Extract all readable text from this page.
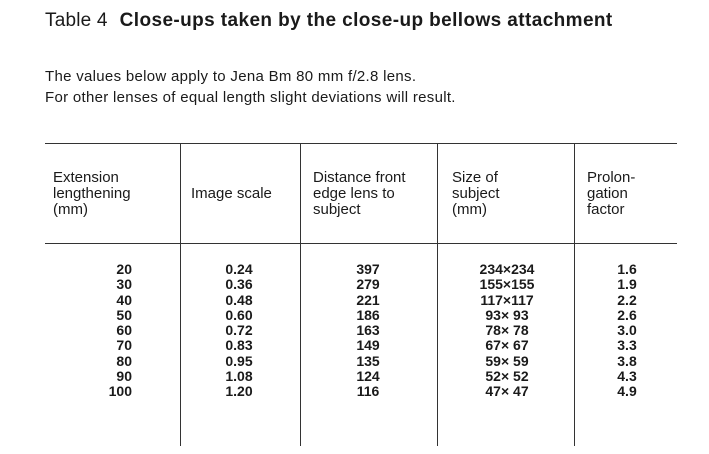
Table 4 Close-ups taken by the close-up bellows attachment
The values below apply to Jena Bm 80 mm f/2.8 lens.
For other lenses of equal length slight deviations will result.
Extension
lengthening
(mm)
Image scale
Distance front
edge lens to
subject
Size of
subject
(mm)
Prolon-
gation
factor
20
30
40
50
60
70
80
90
100
0.24
0.36
0.48
0.60
0.72
0.83
0.95
1.08
1.20
397
279
221
186
163
149
135
124
116
234×234
155×155
117×117
93× 93
78× 78
67× 67
59× 59
52× 52
47× 47
1.6
1.9
2.2
2.6
3.0
3.3
3.8
4.3
4.9
